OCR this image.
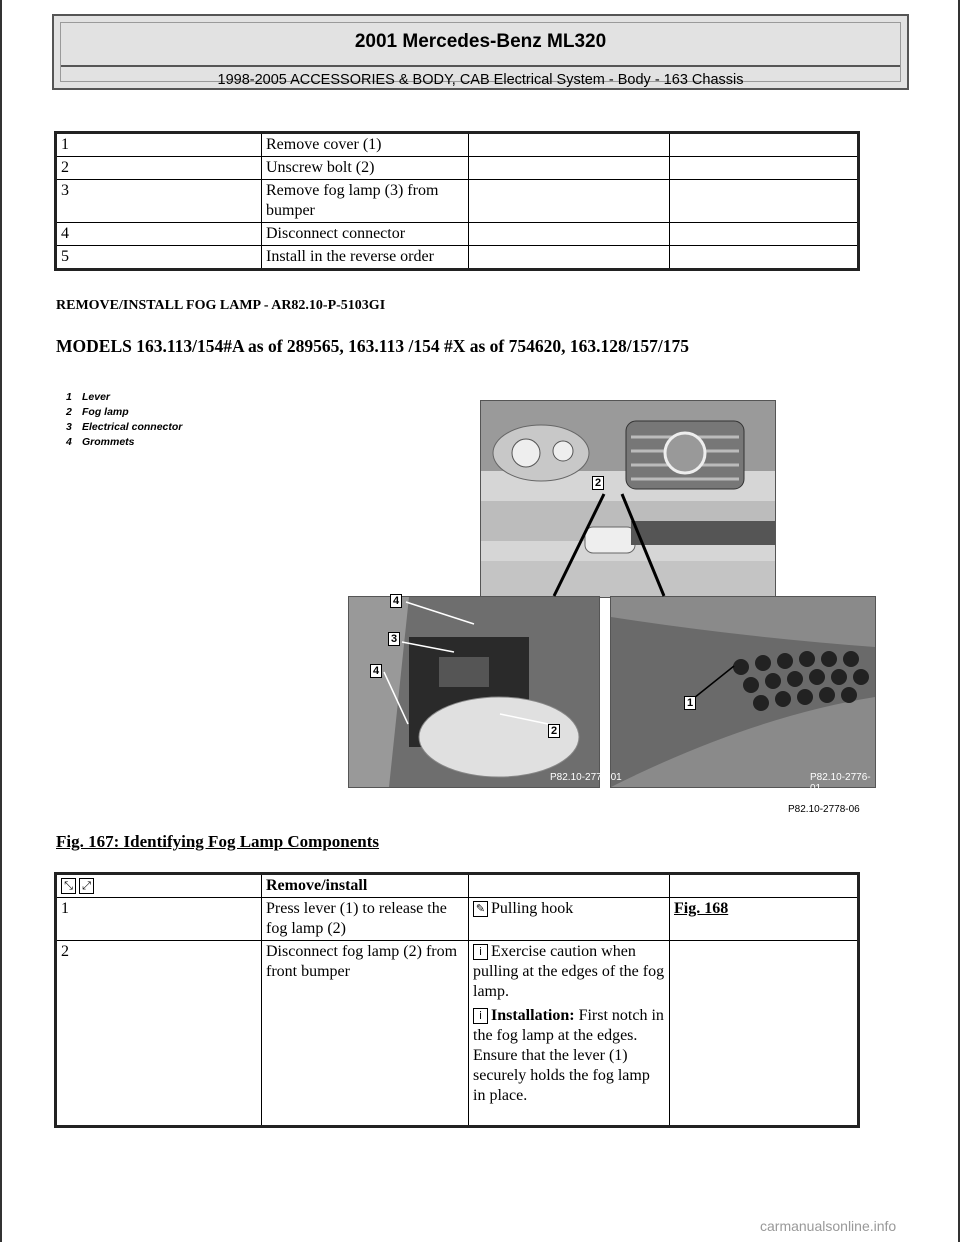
2001 Mercedes-Benz ML320
1998-2005 ACCESSORIES & BODY, CAB Electrical System - Body - 163 Chassis
1	Remove cover (1)		
2	Unscrew bolt (2)		
3	Remove fog lamp (3) from bumper		
4	Disconnect connector		
5	Install in the reverse order		
REMOVE/INSTALL FOG LAMP - AR82.10-P-5103GI
MODELS 163.113/154#A as of 289565, 163.113 /154 #X as of 754620, 163.128/157/175
1 Lever
2 Fog lamp
3 Electrical connector
4 Grommets
2
4
3
4
2
1
P82.10-2777-01	P82.10-2776-01
P82.10-2778-06
Fig. 167: Identifying Fog Lamp Components
⤡ ⤢	Remove/install		
1	Press lever (1) to release the fog lamp (2)	✎ Pulling hook	Fig. 168
2	Disconnect fog lamp (2) from front bumper	i Exercise caution when pulling at the edges of the fog lamp.
i Installation: First notch in the fog lamp at the edges. Ensure that the lever (1) securely holds the fog lamp in place.	

carmanualsonline.info
